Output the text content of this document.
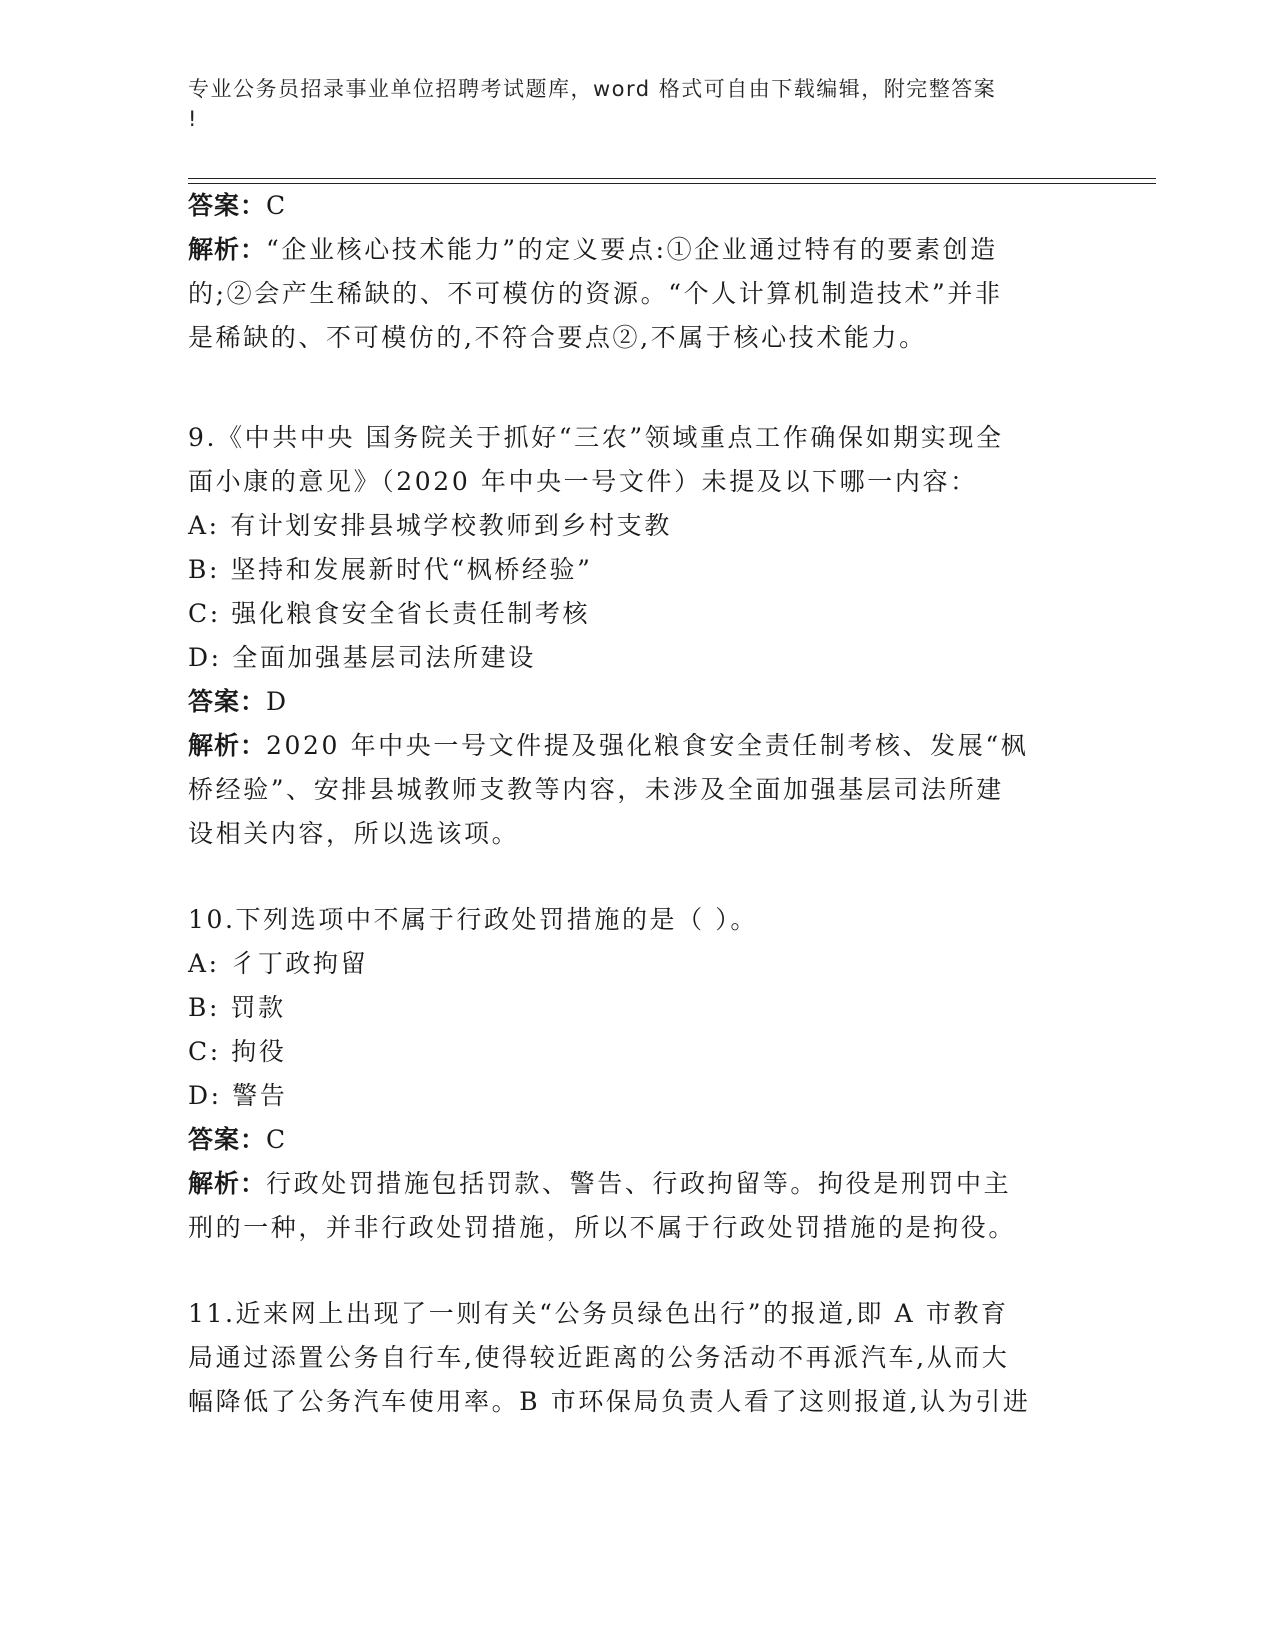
专业公务员招录事业单位招聘考试题库，word 格式可自由下载编辑，附完整答案
!
答案：C
解析：“企业核心技术能力”的定义要点:①企业通过特有的要素创造
的;②会产生稀缺的、不可模仿的资源。“个人计算机制造技术”并非
是稀缺的、不可模仿的,不符合要点②,不属于核心技术能力。
9.《中共中央 国务院关于抓好“三农”领域重点工作确保如期实现全
面小康的意见》（2020 年中央一号文件）未提及以下哪一内容：
A: 有计划安排县城学校教师到乡村支教
B: 坚持和发展新时代“枫桥经验”
C: 强化粮食安全省长责任制考核
D: 全面加强基层司法所建设
答案：D
解析：2020 年中央一号文件提及强化粮食安全责任制考核、发展“枫
桥经验”、安排县城教师支教等内容，未涉及全面加强基层司法所建
设相关内容，所以选该项。
10.下列选项中不属于行政处罚措施的是（ ）。
A: 彳丁政拘留
B: 罚款
C: 拘役
D: 警告
答案：C
解析：行政处罚措施包括罚款、警告、行政拘留等。拘役是刑罚中主
刑的一种，并非行政处罚措施，所以不属于行政处罚措施的是拘役。
11.近来网上出现了一则有关“公务员绿色出行”的报道,即 A 市教育
局通过添置公务自行车,使得较近距离的公务活动不再派汽车,从而大
幅降低了公务汽车使用率。B 市环保局负责人看了这则报道,认为引进
